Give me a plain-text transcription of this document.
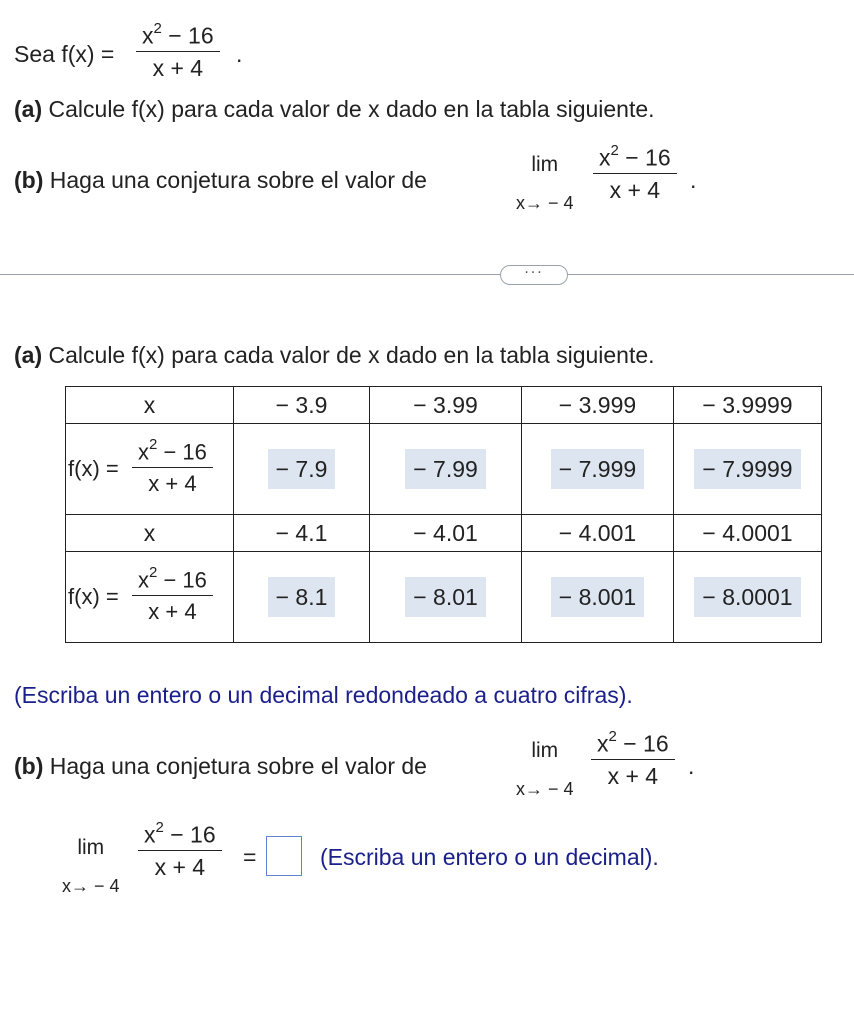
Sea $f(x) = \frac{x^2 - 16}{x + 4}$ .
(a) Calcule f(x) para cada valor de x dado en la tabla siguiente.
(b) Haga una conjetura sobre el valor de
lim
$x\to - 4 \frac{x^2 - 16}{x + 4}$ .
···
(a) Calcule f(x) para cada valor de x dado en la tabla siguiente.
x	− 3.9	− 3.99	− 3.999	− 3.9999

$f(x) = \frac{x^2 - 16}{x + 4}$	− 7.9	− 7.99	− 7.999	− 7.9999
x	− 4.1	− 4.01	− 4.001	− 4.0001

$f(x) = \frac{x^2 - 16}{x + 4}$	− 8.1	− 8.01	− 8.001	− 8.0001
(Escriba un entero o un decimal redondeado a cuatro cifras).
(b) Haga una conjetura sobre el valor de
lim
$x\to - 4 \frac{x^2 - 16}{x + 4}$ .
lim
x→ − 4
$\frac{x^2 - 16}{x + 4}$ =	(Escriba un entero o un decimal).
